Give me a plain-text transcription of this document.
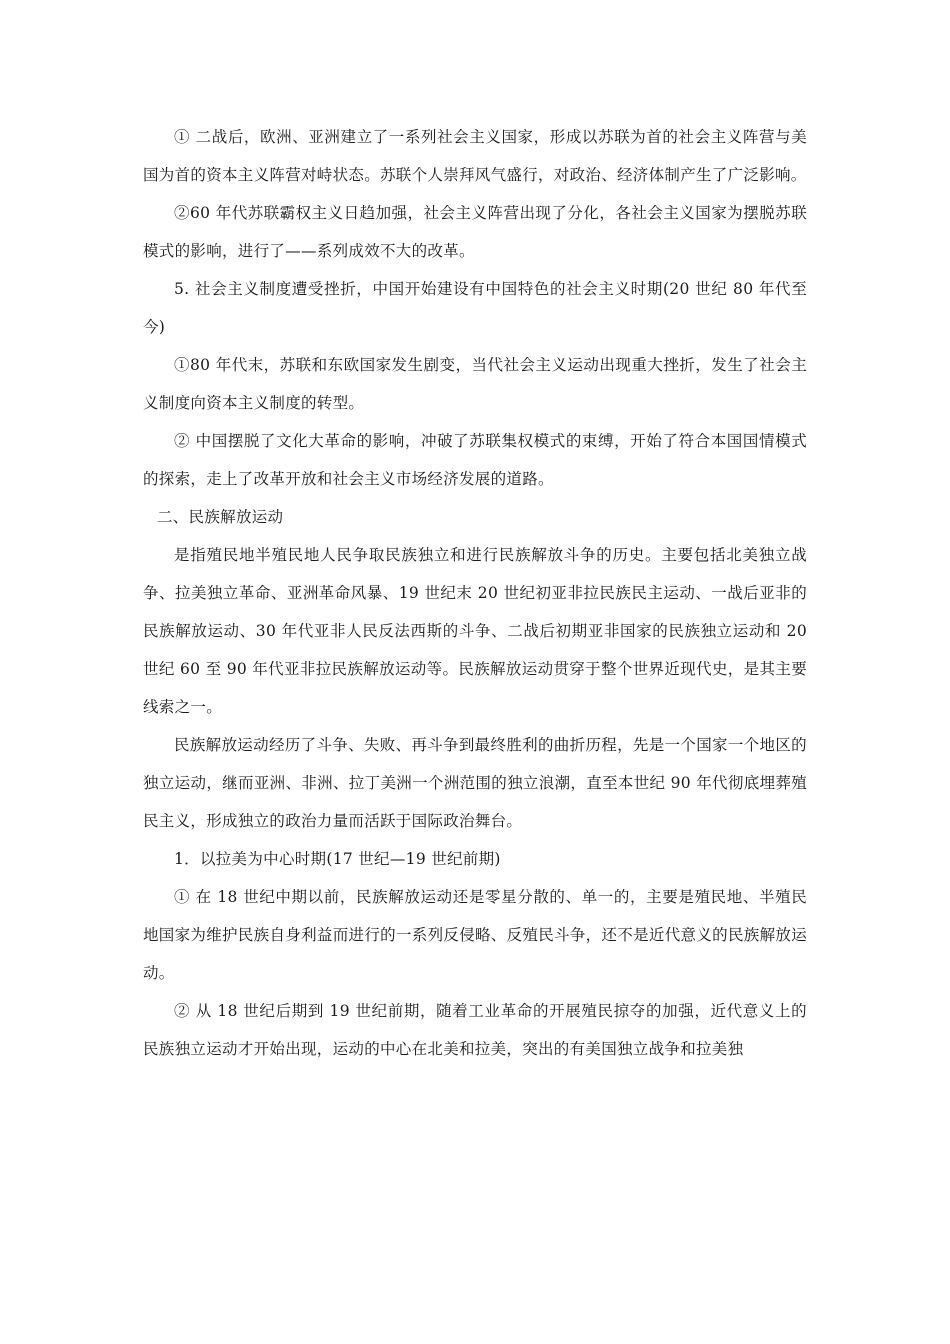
① 二战后，欧洲、亚洲建立了一系列社会主义国家，形成以苏联为首的社会主义阵营与美国为首的资本主义阵营对峙状态。苏联个人崇拜风气盛行，对政治、经济体制产生了广泛影响。

②60 年代苏联霸权主义日趋加强，社会主义阵营出现了分化，各社会主义国家为摆脱苏联模式的影响，进行了——系列成效不大的改革。

5. 社会主义制度遭受挫折，中国开始建设有中国特色的社会主义时期(20 世纪 80 年代至今)

①80 年代末，苏联和东欧国家发生剧变，当代社会主义运动出现重大挫折，发生了社会主义制度向资本主义制度的转型。

② 中国摆脱了文化大革命的影响，冲破了苏联集权模式的束缚，开始了符合本国国情模式的探索，走上了改革开放和社会主义市场经济发展的道路。

二、民族解放运动

是指殖民地半殖民地人民争取民族独立和进行民族解放斗争的历史。主要包括北美独立战争、拉美独立革命、亚洲革命风暴、19 世纪末 20 世纪初亚非拉民族民主运动、一战后亚非的民族解放运动、30 年代亚非人民反法西斯的斗争、二战后初期亚非国家的民族独立运动和 20 世纪 60 至 90 年代亚非拉民族解放运动等。民族解放运动贯穿于整个世界近现代史，是其主要线索之一。

民族解放运动经历了斗争、失败、再斗争到最终胜利的曲折历程，先是一个国家一个地区的独立运动，继而亚洲、非洲、拉丁美洲一个洲范围的独立浪潮，直至本世纪 90 年代彻底埋葬殖民主义，形成独立的政治力量而活跃于国际政治舞台。

1．以拉美为中心时期(17 世纪—19 世纪前期)

① 在 18 世纪中期以前，民族解放运动还是零星分散的、单一的，主要是殖民地、半殖民地国家为维护民族自身利益而进行的一系列反侵略、反殖民斗争，还不是近代意义的民族解放运动。

② 从 18 世纪后期到 19 世纪前期，随着工业革命的开展殖民掠夺的加强，近代意义上的民族独立运动才开始出现，运动的中心在北美和拉美，突出的有美国独立战争和拉美独
